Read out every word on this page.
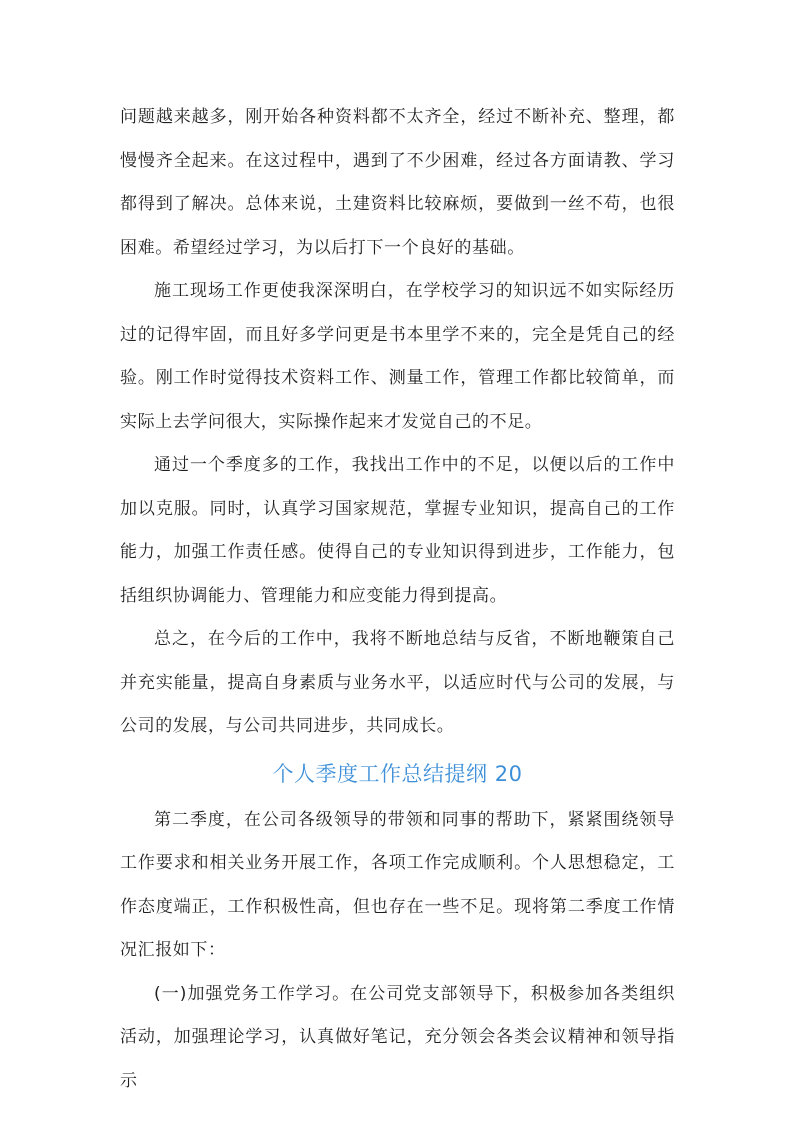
问题越来越多，刚开始各种资料都不太齐全，经过不断补充、整理，都慢慢齐全起来。在这过程中，遇到了不少困难，经过各方面请教、学习都得到了解决。总体来说，土建资料比较麻烦，要做到一丝不苟，也很困难。希望经过学习，为以后打下一个良好的基础。

施工现场工作更使我深深明白，在学校学习的知识远不如实际经历过的记得牢固，而且好多学问更是书本里学不来的，完全是凭自己的经验。刚工作时觉得技术资料工作、测量工作，管理工作都比较简单，而实际上去学问很大，实际操作起来才发觉自己的不足。

通过一个季度多的工作，我找出工作中的不足，以便以后的工作中加以克服。同时，认真学习国家规范，掌握专业知识，提高自己的工作能力，加强工作责任感。使得自己的专业知识得到进步，工作能力，包括组织协调能力、管理能力和应变能力得到提高。

总之，在今后的工作中，我将不断地总结与反省，不断地鞭策自己并充实能量，提高自身素质与业务水平，以适应时代与公司的发展，与公司的发展，与公司共同进步，共同成长。

个人季度工作总结提纲 20

第二季度，在公司各级领导的带领和同事的帮助下，紧紧围绕领导工作要求和相关业务开展工作，各项工作完成顺利。个人思想稳定，工作态度端正，工作积极性高，但也存在一些不足。现将第二季度工作情况汇报如下：

(一)加强党务工作学习。在公司党支部领导下，积极参加各类组织活动，加强理论学习，认真做好笔记，充分领会各类会议精神和领导指示
